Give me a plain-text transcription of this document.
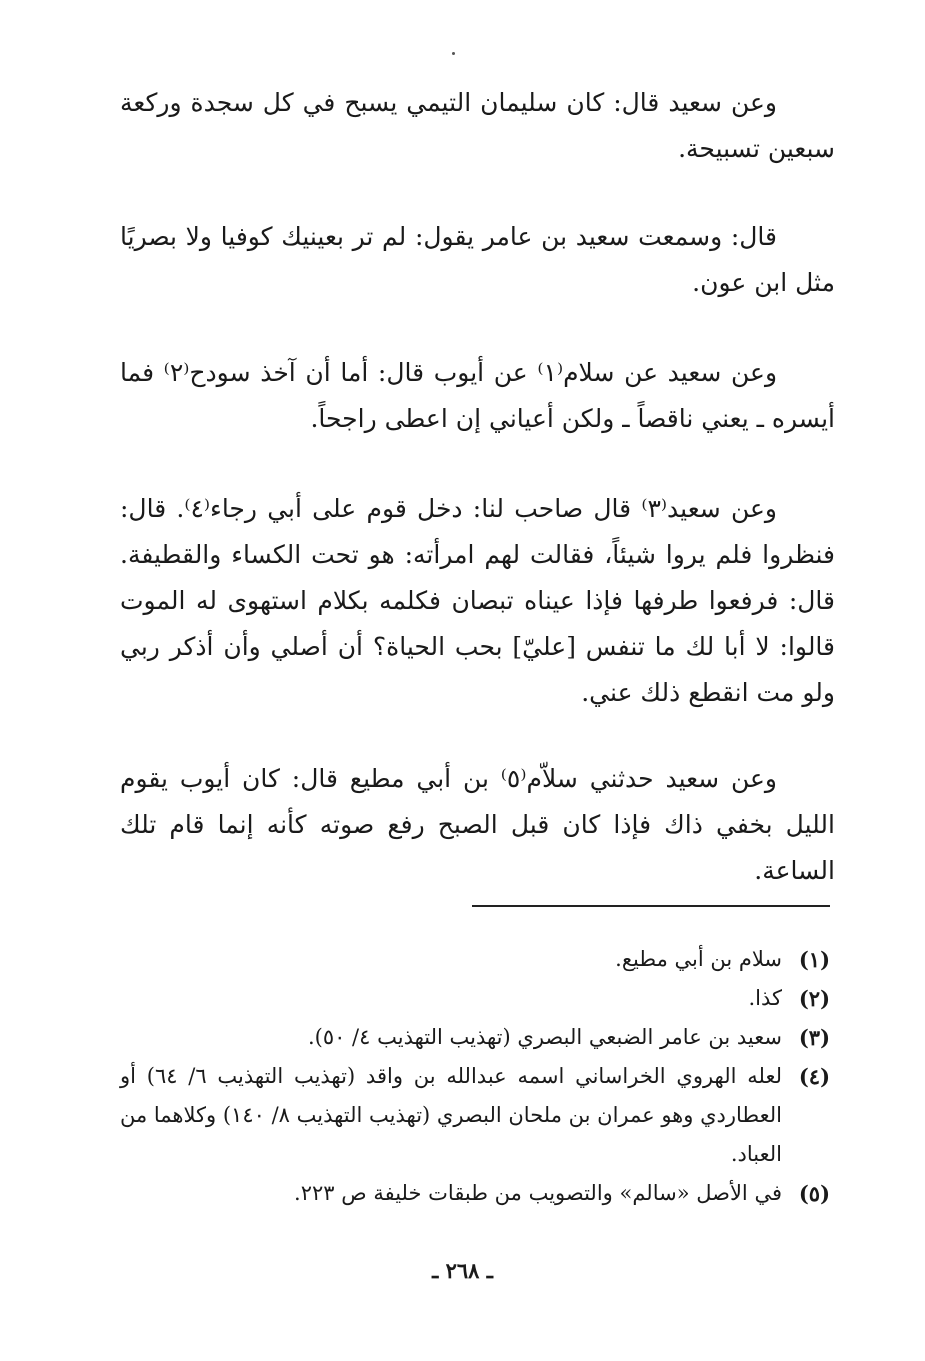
وعن سعيد قال: كان سليمان التيمي يسبح في كل سجدة وركعة سبعين تسبيحة.

قال: وسمعت سعيد بن عامر يقول: لم تر بعينيك كوفيا ولا بصريًا مثل ابن عون.

وعن سعيد عن سلام⁽١⁾ عن أيوب قال: أما أن آخذ سودح⁽٢⁾ فما أيسره ـ يعني ناقصاً ـ ولكن أعياني إن اعطى راجحاً.

وعن سعيد⁽٣⁾ قال صاحب لنا: دخل قوم على أبي رجاء⁽٤⁾. قال: فنظروا فلم يروا شيئاً، فقالت لهم امرأته: هو تحت الكساء والقطيفة. قال: فرفعوا طرفها فإذا عيناه تبصان فكلمه بكلام استهوى له الموت قالوا: لا أبا لك ما تنفس [عليّ] بحب الحياة؟ أن أصلي وأن أذكر ربي ولو مت انقطع ذلك عني.

وعن سعيد حدثني سلاّم⁽٥⁾ بن أبي مطيع قال: كان أيوب يقوم الليل بخفي ذاك فإذا كان قبل الصبح رفع صوته كأنه إنما قام تلك الساعة.

(١)
سلام بن أبي مطيع.
(٢)
كذا.
(٣)
سعيد بن عامر الضبعي البصري (تهذيب التهذيب ٤/ ٥٠).
(٤)
لعله الهروي الخراساني اسمه عبدالله بن واقد (تهذيب التهذيب ٦/ ٦٤) أو العطاردي وهو عمران بن ملحان البصري (تهذيب التهذيب ٨/ ١٤٠) وكلاهما من العباد.
(٥)
في الأصل «سالم» والتصويب من طبقات خليفة ص ٢٢٣.
ـ ٢٦٨ ـ
